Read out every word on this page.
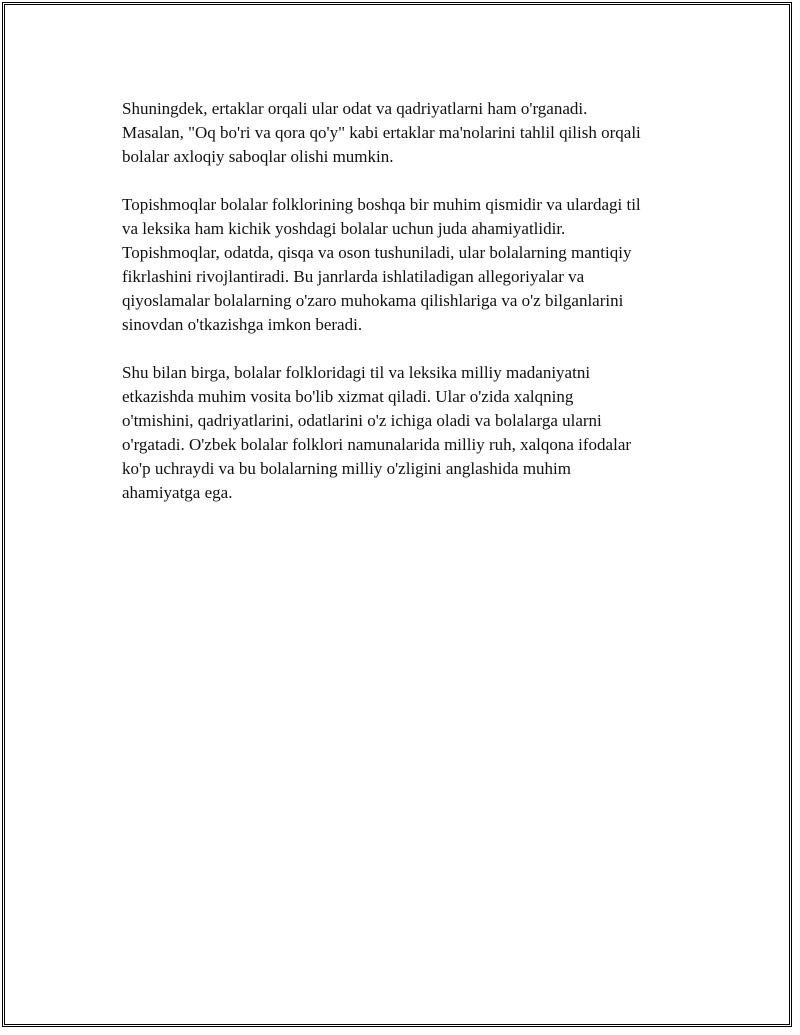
Shuningdek, ertaklar orqali ular odat va qadriyatlarni ham o'rganadi.
Masalan, "Oq bo'ri va qora qo'y" kabi ertaklar ma'nolarini tahlil qilish orqali
bolalar axloqiy saboqlar olishi mumkin.

Topishmoqlar bolalar folklorining boshqa bir muhim qismidir va ulardagi til
va leksika ham kichik yoshdagi bolalar uchun juda ahamiyatlidir.
Topishmoqlar, odatda, qisqa va oson tushuniladi, ular bolalarning mantiqiy
fikrlashini rivojlantiradi. Bu janrlarda ishlatiladigan allegoriyalar va
qiyoslamalar bolalarning o'zaro muhokama qilishlariga va o'z bilganlarini
sinovdan o'tkazishga imkon beradi.

Shu bilan birga, bolalar folkloridagi til va leksika milliy madaniyatni
etkazishda muhim vosita bo'lib xizmat qiladi. Ular o'zida xalqning
o'tmishini, qadriyatlarini, odatlarini o'z ichiga oladi va bolalarga ularni
o'rgatadi. O'zbek bolalar folklori namunalarida milliy ruh, xalqona ifodalar
ko'p uchraydi va bu bolalarning milliy o'zligini anglashida muhim
ahamiyatga ega.
